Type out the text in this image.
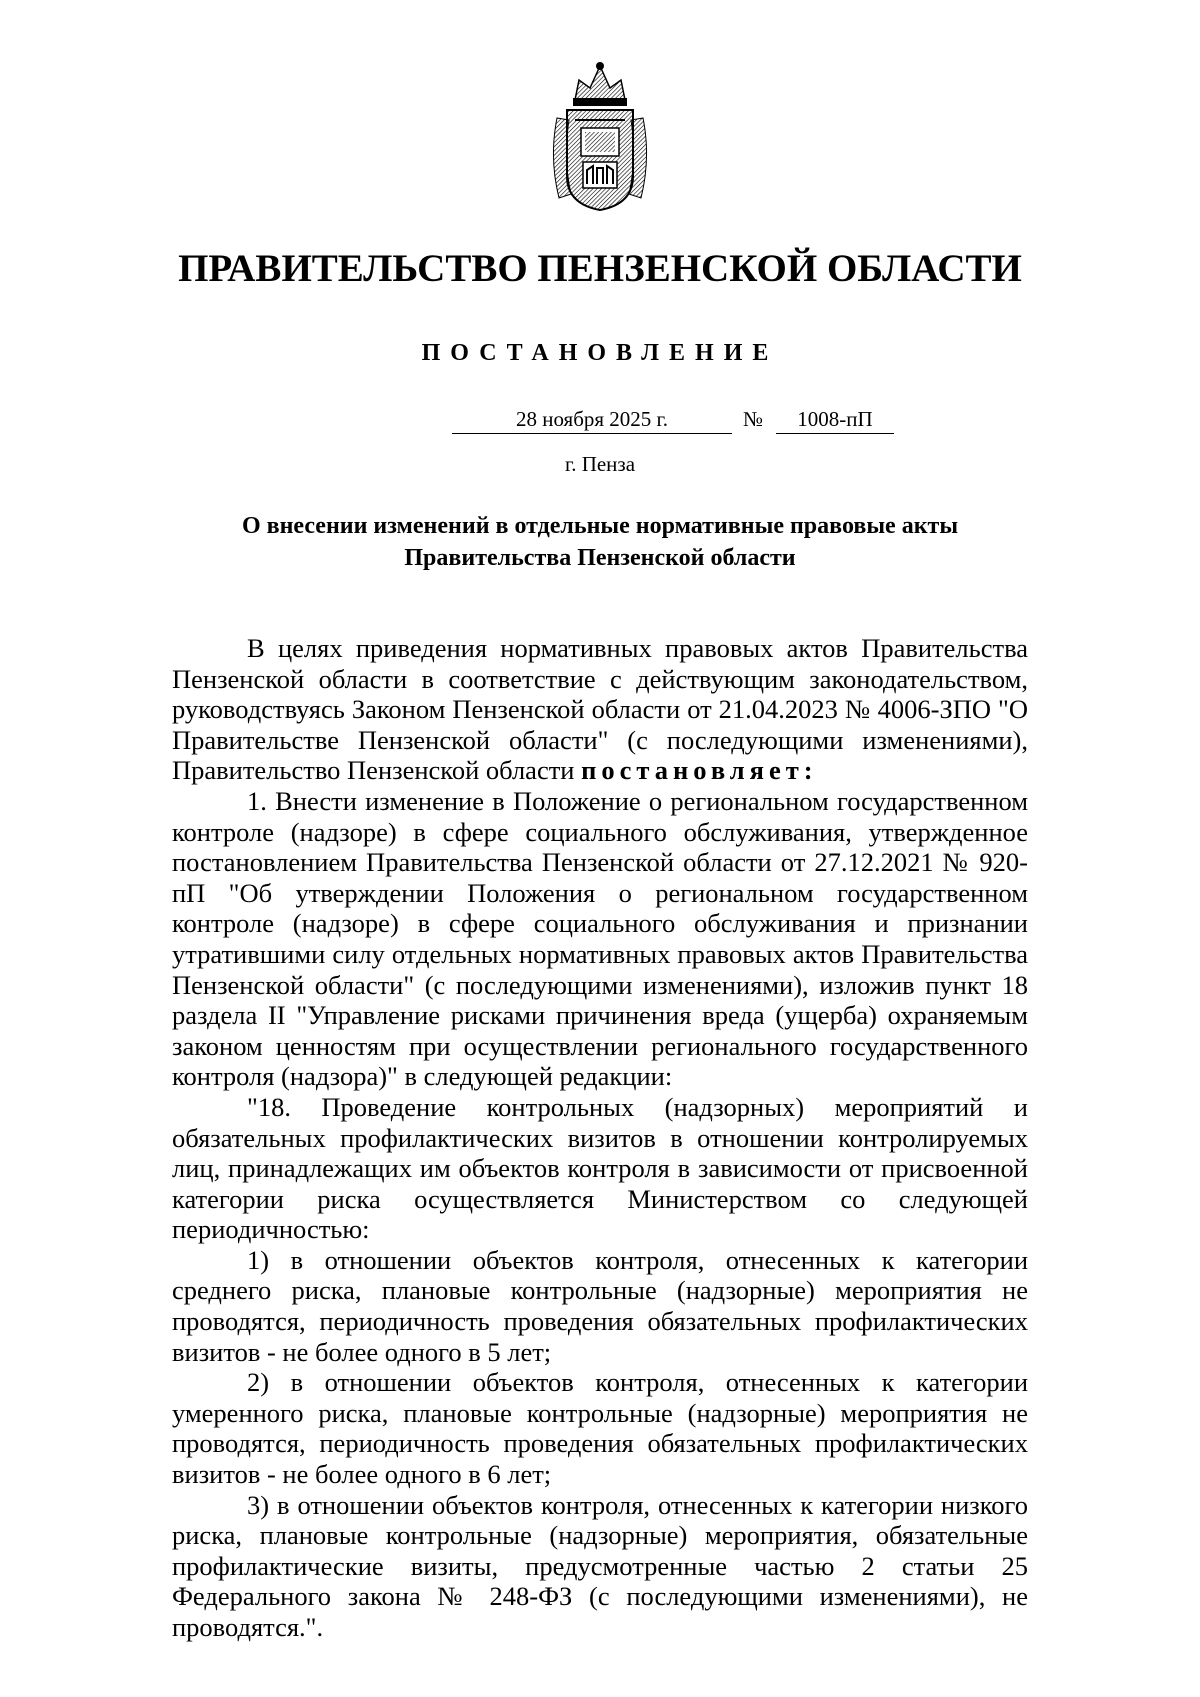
ПРАВИТЕЛЬСТВО ПЕНЗЕНСКОЙ ОБЛАСТИ
ПОСТАНОВЛЕНИЕ
28 ноября 2025 г.	№	1008-пП
г. Пенза
О внесении изменений в отдельные нормативные правовые акты
Правительства Пензенской области

В целях приведения нормативных правовых актов Правительства Пензенской области в соответствие с действующим законодательством, руководствуясь Законом Пензенской области от 21.04.2023 № 4006-ЗПО "О Правительстве Пензенской области" (с последующими изменениями), Правительство Пензенской области постановляет:

1. Внести изменение в Положение о региональном государственном контроле (надзоре) в сфере социального обслуживания, утвержденное постановлением Правительства Пензенской области от 27.12.2021 № 920-пП "Об утверждении Положения о региональном государственном контроле (надзоре) в сфере социального обслуживания и признании утратившими силу отдельных нормативных правовых актов Правительства Пензенской области" (с последующими изменениями), изложив пункт 18 раздела II "Управление рисками причинения вреда (ущерба) охраняемым законом ценностям при осуществлении регионального государственного контроля (надзора)" в следующей редакции:

"18. Проведение контрольных (надзорных) мероприятий и обязательных профилактических визитов в отношении контролируемых лиц, принадлежащих им объектов контроля в зависимости от присвоенной категории риска осуществляется Министерством со следующей периодичностью:

1) в отношении объектов контроля, отнесенных к категории среднего риска, плановые контрольные (надзорные) мероприятия не проводятся, периодичность проведения обязательных профилактических визитов - не более одного в 5 лет;

2) в отношении объектов контроля, отнесенных к категории умеренного риска, плановые контрольные (надзорные) мероприятия не проводятся, периодичность проведения обязательных профилактических визитов - не более одного в 6 лет;

3) в отношении объектов контроля, отнесенных к категории низкого риска, плановые контрольные (надзорные) мероприятия, обязательные профилактические визиты, предусмотренные частью 2 статьи 25 Федерального закона № 248-ФЗ (с последующими изменениями), не проводятся.".
